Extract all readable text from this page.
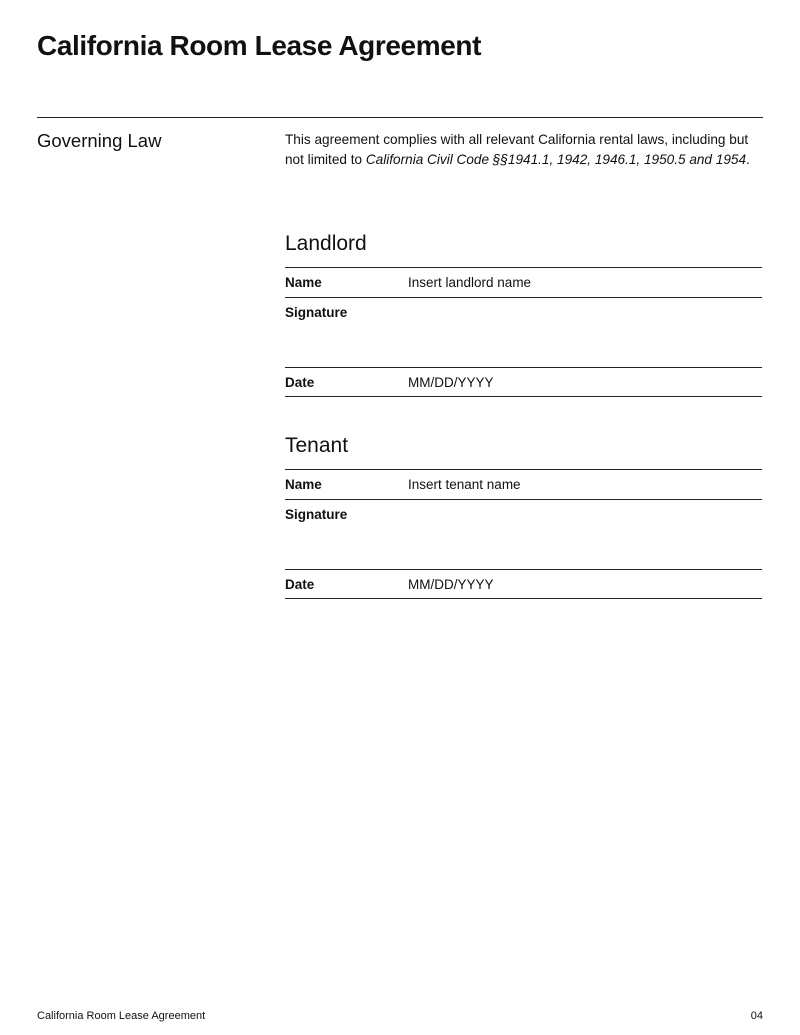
California Room Lease Agreement
Governing Law	This agreement complies with all relevant California rental laws, including but not limited to California Civil Code §§1941.1, 1942, 1946.1, 1950.5 and 1954.
Landlord
Name	Insert landlord name
Signature
Date	MM/DD/YYYY
Tenant
Name	Insert tenant name
Signature
Date	MM/DD/YYYY
California Room Lease Agreement	04
